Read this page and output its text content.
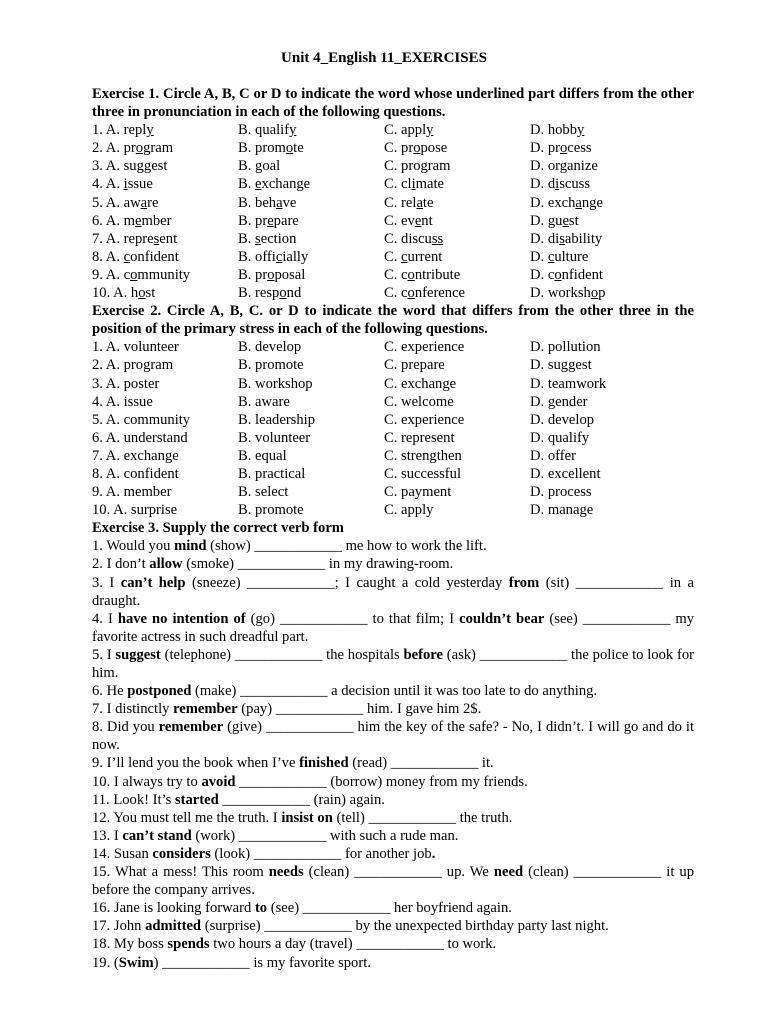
Unit 4_English 11_EXERCISES
Exercise 1. Circle A, B, C or D to indicate the word whose underlined part differs from the other three in pronunciation in each of the following questions.
1. A. reply	B. qualify	C. apply	D. hobby
2. A. program	B. promote	C. propose	D. process
3. A. suggest	B. goal	C. program	D. organize
4. A. issue	B. exchange	C. climate	D. discuss
5. A. aware	B. behave	C. relate	D. exchange
6. A. member	B. prepare	C. event	D. guest
7. A. represent	B. section	C. discuss	D. disability
8. A. confident	B. officially	C. current	D. culture
9. A. community	B. proposal	C. contribute	D. confident
10. A. host	B. respond	C. conference	D. workshop
Exercise 2. Circle A, B, C. or D to indicate the word that differs from the other three in the position of the primary stress in each of the following questions.
1. A. volunteer	B. develop	C. experience	D. pollution
2. A. program	B. promote	C. prepare	D. suggest
3. A. poster	B. workshop	C. exchange	D. teamwork
4. A. issue	B. aware	C. welcome	D. gender
5. A. community	B. leadership	C. experience	D. develop
6. A. understand	B. volunteer	C. represent	D. qualify
7. A. exchange	B. equal	C. strengthen	D. offer
8. A. confident	B. practical	C. successful	D. excellent
9. A. member	B. select	C. payment	D. process
10. A. surprise	B. promote	C. apply	D. manage
Exercise 3. Supply the correct verb form

1. Would you mind (show) ____________ me how to work the lift.

2. I don’t allow (smoke) ____________ in my drawing-room.

3. I can’t help (sneeze) ____________; I caught a cold yesterday from (sit) ____________ in a draught.

4. I have no intention of (go) ____________ to that film; I couldn’t bear (see) ____________ my favorite actress in such dreadful part.

5. I suggest (telephone) ____________ the hospitals before (ask) ____________ the police to look for him.

6. He postponed (make) ____________ a decision until it was too late to do anything.

7. I distinctly remember (pay) ____________ him. I gave him 2$.

8. Did you remember (give) ____________ him the key of the safe? - No, I didn’t. I will go and do it now.

9. I’ll lend you the book when I’ve finished (read) ____________ it.

10. I always try to avoid ____________ (borrow) money from my friends.

11. Look! It’s started ____________ (rain) again.

12. You must tell me the truth. I insist on (tell) ____________ the truth.

13. I can’t stand (work) ____________ with such a rude man.

14. Susan considers (look) ____________ for another job.

15. What a mess! This room needs (clean) ____________ up. We need (clean) ____________ it up before the company arrives.

16. Jane is looking forward to (see) ____________ her boyfriend again.

17. John admitted (surprise) ____________ by the unexpected birthday party last night.

18. My boss spends two hours a day (travel) ____________ to work.

19. (Swim) ____________ is my favorite sport.
